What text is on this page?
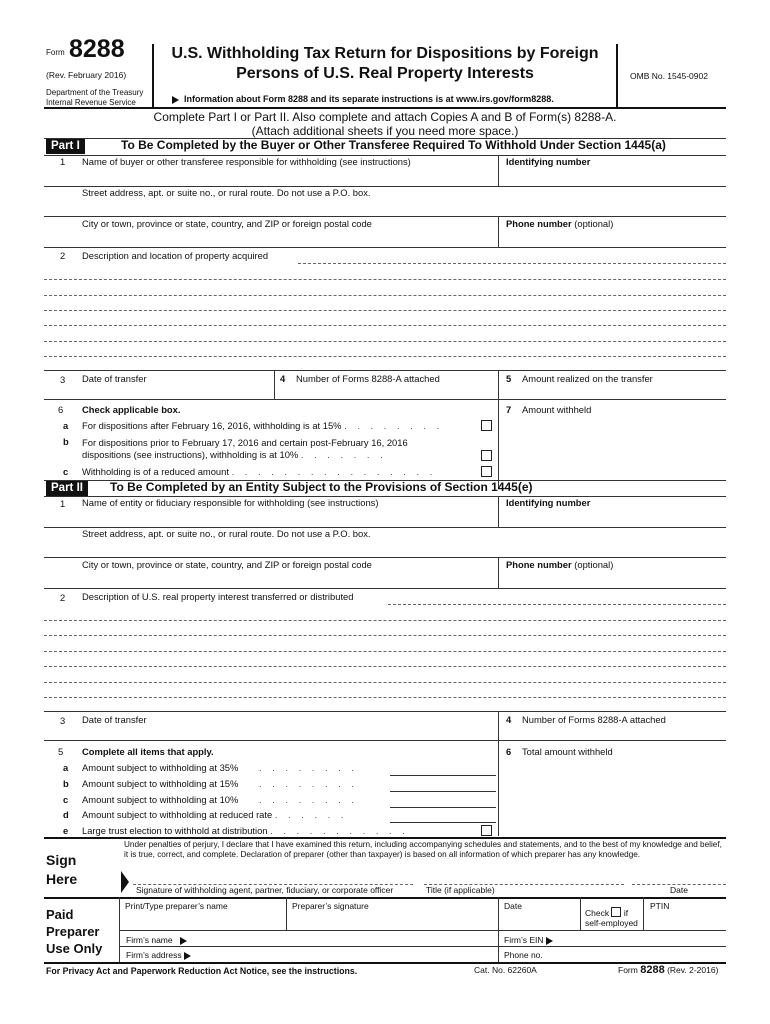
Form 8288
(Rev. February 2016)
Department of the Treasury
Internal Revenue Service
U.S. Withholding Tax Return for Dispositions by Foreign
Persons of U.S. Real Property Interests
Information about Form 8288 and its separate instructions is at www.irs.gov/form8288.
OMB No. 1545-0902
Complete Part I or Part II. Also complete and attach Copies A and B of Form(s) 8288-A.
(Attach additional sheets if you need more space.)
Part I	To Be Completed by the Buyer or Other Transferee Required To Withhold Under Section 1445(a)
1 Name of buyer or other transferee responsible for withholding (see instructions)	Identifying number
Street address, apt. or suite no., or rural route. Do not use a P.O. box.
City or town, province or state, country, and ZIP or foreign postal code	Phone number (optional)
2 Description and location of property acquired
3 Date of transfer	4 Number of Forms 8288-A attached	5 Amount realized on the transfer
6 Check applicable box.	7 Amount withheld
a For dispositions after February 16, 2016, withholding is at 15% . . . . . . . .
b For dispositions prior to February 17, 2016 and certain post-February 16, 2016
dispositions (see instructions), withholding is at 10% . . . . . . .
c Withholding is of a reduced amount . . . . . . . . . . . . . . . .
Part II	To Be Completed by an Entity Subject to the Provisions of Section 1445(e)
1 Name of entity or fiduciary responsible for withholding (see instructions)	Identifying number
Street address, apt. or suite no., or rural route. Do not use a P.O. box.
City or town, province or state, country, and ZIP or foreign postal code	Phone number (optional)
2 Description of U.S. real property interest transferred or distributed
3 Date of transfer	4 Number of Forms 8288-A attached
5 Complete all items that apply.	6 Total amount withheld
a Amount subject to withholding at 35% . . . . . . . .
b Amount subject to withholding at 15% . . . . . . . .
c Amount subject to withholding at 10% . . . . . . . .
d Amount subject to withholding at reduced rate . . . . . .
e Large trust election to withhold at distribution . . . . . . . . . . .
Sign
Here
Under penalties of perjury, I declare that I have examined this return, including accompanying schedules and statements, and to the best of my knowledge and belief, it is true, correct, and complete. Declaration of preparer (other than taxpayer) is based on all information of which preparer has any knowledge.
Signature of withholding agent, partner, fiduciary, or corporate officer	Title (if applicable)	Date
Paid
Preparer
Use Only
Print/Type preparer’s name	Preparer’s signature	Date
Check if
self-employed
PTIN
Firm’s name	Firm’s EIN
Firm’s address	Phone no.
For Privacy Act and Paperwork Reduction Act Notice, see the instructions.	Cat. No. 62260A	Form 8288 (Rev. 2-2016)
